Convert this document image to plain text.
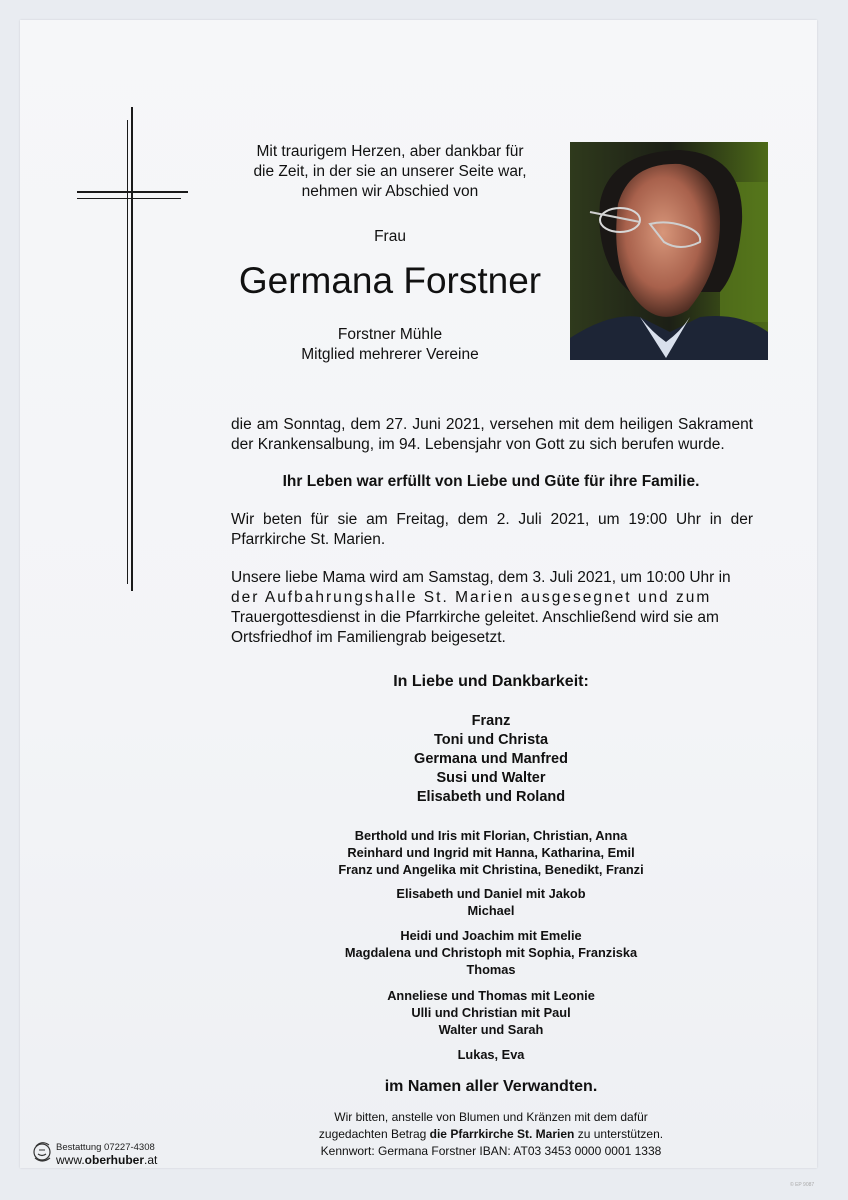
Mit traurigem Herzen, aber dankbar für
die Zeit, in der sie an unserer Seite war,
nehmen wir Abschied von
Frau
Germana Forstner
Forstner Mühle
Mitglied mehrerer Vereine
die am Sonntag, dem 27. Juni 2021, versehen mit dem heiligen Sakrament der Krankensalbung, im 94. Lebensjahr von Gott zu sich berufen wurde.
Ihr Leben war erfüllt von Liebe und Güte für ihre Familie.
Wir beten für sie am Freitag, dem 2. Juli 2021, um 19:00 Uhr in der Pfarrkirche St. Marien.
Unsere liebe Mama wird am Samstag, dem 3. Juli 2021, um 10:00 Uhr in
der Aufbahrungshalle St. Marien ausgesegnet und zum
Trauergottesdienst in die Pfarrkirche geleitet. Anschließend wird sie am
Ortsfriedhof im Familiengrab beigesetzt.
In Liebe und Dankbarkeit:
Franz
Toni und Christa
Germana und Manfred
Susi und Walter
Elisabeth und Roland
Berthold und Iris mit Florian, Christian, Anna
Reinhard und Ingrid mit Hanna, Katharina, Emil
Franz und Angelika mit Christina, Benedikt, Franzi
Elisabeth und Daniel mit Jakob
Michael
Heidi und Joachim mit Emelie
Magdalena und Christoph mit Sophia, Franziska
Thomas
Anneliese und Thomas mit Leonie
Ulli und Christian mit Paul
Walter und Sarah
Lukas, Eva
im Namen aller Verwandten.
Wir bitten, anstelle von Blumen und Kränzen mit dem dafür
zugedachten Betrag die Pfarrkirche St. Marien zu unterstützen.
Kennwort: Germana Forstner IBAN: AT03 3453 0000 0001 1338
Bestattung 07227-4308
www.oberhuber.at
© EP 9087
